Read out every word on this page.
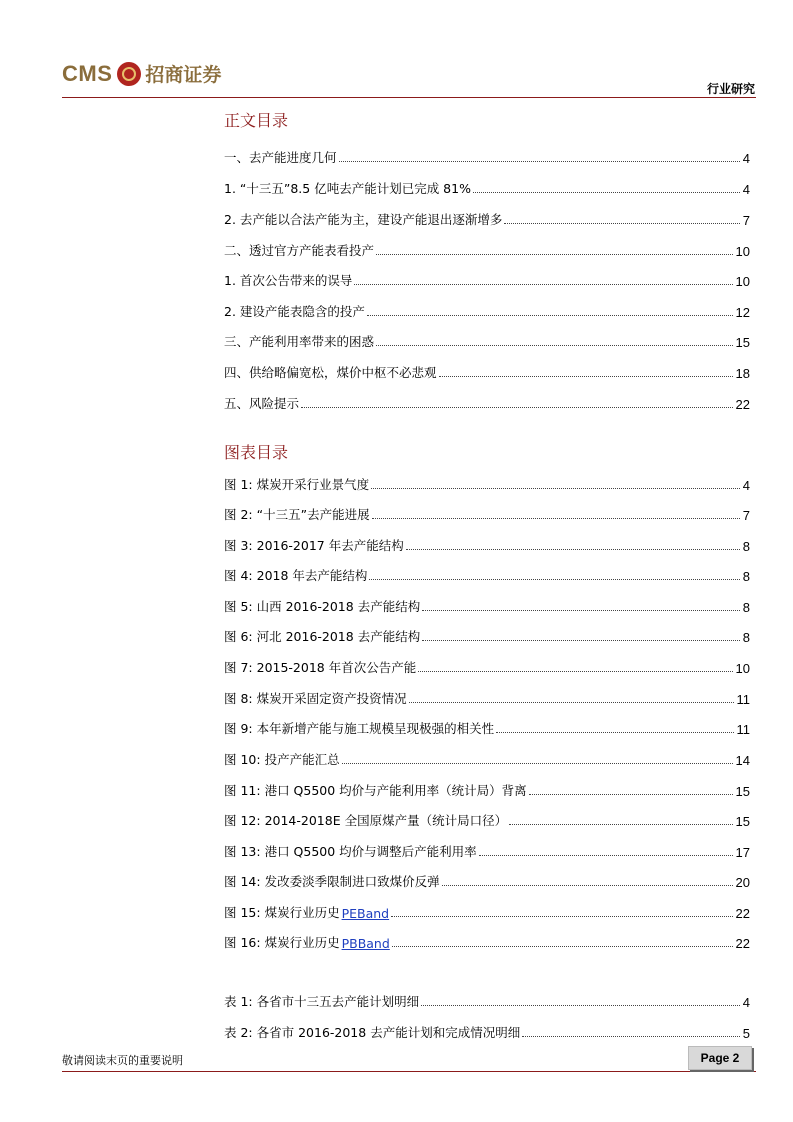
CMS 招商证券
行业研究
正文目录
一、去产能进度几何	4
1. “十三五”8.5 亿吨去产能计划已完成 81%	4
2. 去产能以合法产能为主，建设产能退出逐渐增多	7
二、透过官方产能表看投产	10
1. 首次公告带来的误导	10
2. 建设产能表隐含的投产	12
三、产能利用率带来的困惑	15
四、供给略偏宽松，煤价中枢不必悲观	18
五、风险提示	22
图表目录
图 1: 煤炭开采行业景气度	4
图 2: “十三五”去产能进展	7
图 3: 2016-2017 年去产能结构	8
图 4: 2018 年去产能结构	8
图 5: 山西 2016-2018 去产能结构	8
图 6: 河北 2016-2018 去产能结构	8
图 7: 2015-2018 年首次公告产能	10
图 8: 煤炭开采固定资产投资情况	11
图 9: 本年新增产能与施工规模呈现极强的相关性	11
图 10: 投产产能汇总	14
图 11: 港口 Q5500 均价与产能利用率（统计局）背离	15
图 12: 2014-2018E 全国原煤产量（统计局口径）	15
图 13: 港口 Q5500 均价与调整后产能利用率	17
图 14: 发改委淡季限制进口致煤价反弹	20
图 15: 煤炭行业历史 PEBand	22
图 16: 煤炭行业历史 PBBand	22
表 1: 各省市十三五去产能计划明细	4
表 2: 各省市 2016-2018 去产能计划和完成情况明细	5
敬请阅读末页的重要说明	Page 2
